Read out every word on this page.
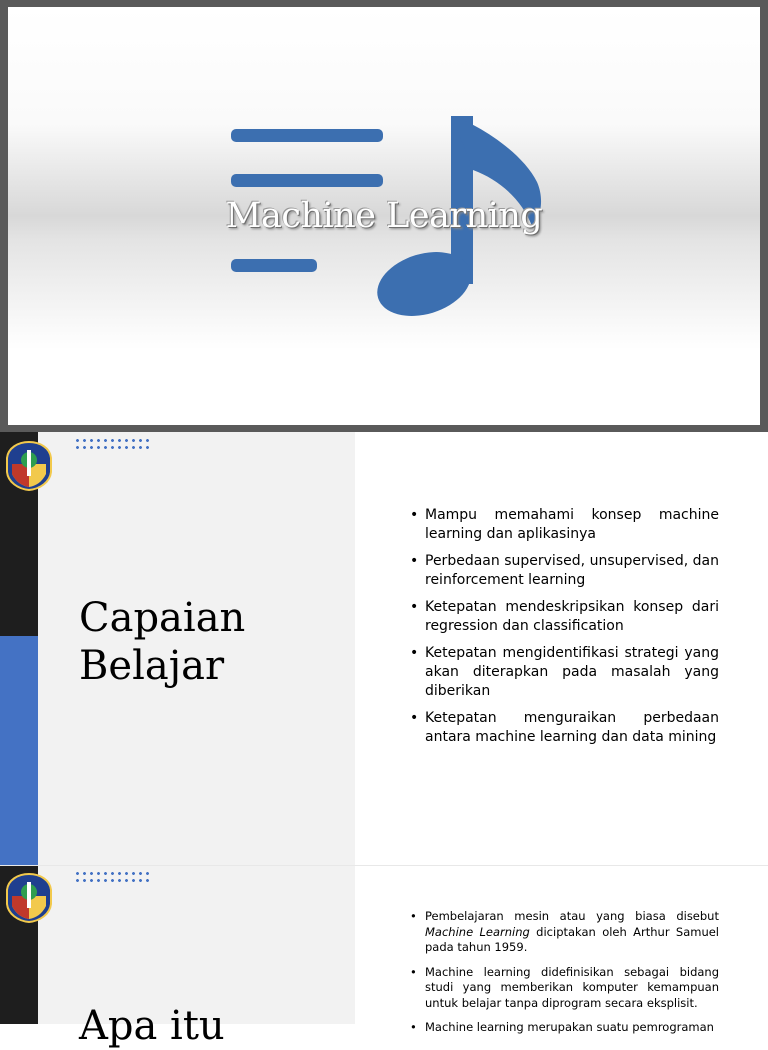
Machine Learning
Capaian
Belajar
• Mampu memahami konsep machine learning dan aplikasinya
• Perbedaan supervised, unsupervised, dan reinforcement learning
• Ketepatan mendeskripsikan konsep dari regression dan classification
• Ketepatan mengidentifikasi strategi yang akan diterapkan pada masalah yang diberikan
• Ketepatan menguraikan perbedaan antara machine learning dan data mining
Apa itu
• Pembelajaran mesin atau yang biasa disebut Machine Learning diciptakan oleh Arthur Samuel pada tahun 1959.
• Machine learning didefinisikan sebagai bidang studi yang memberikan komputer kemampuan untuk belajar tanpa diprogram secara eksplisit.
• Machine learning merupakan suatu pemrograman
